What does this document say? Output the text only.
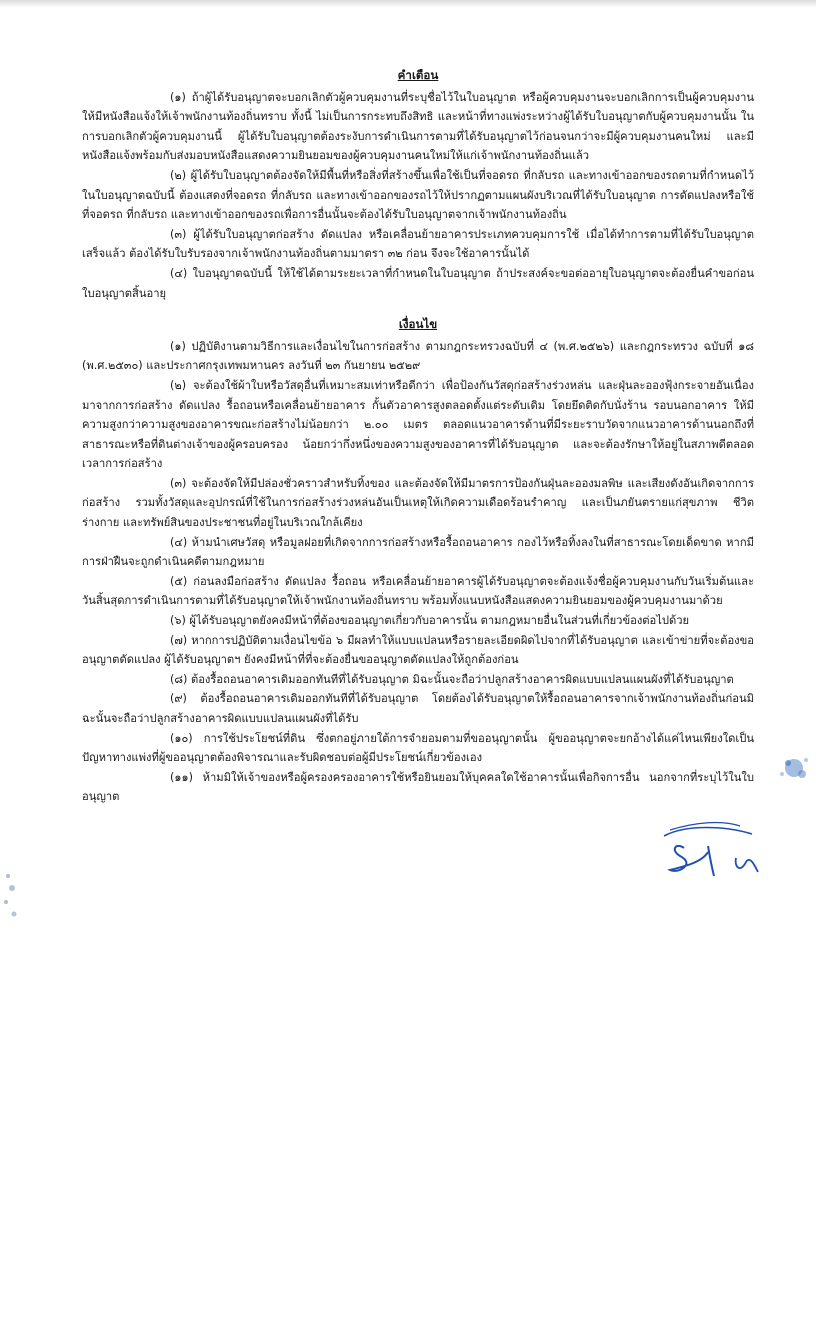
คำเตือน

(๑) ถ้าผู้ได้รับอนุญาตจะบอกเลิกตัวผู้ควบคุมงานที่ระบุชื่อไว้ในใบอนุญาต หรือผู้ควบคุมงานจะบอกเลิกการเป็นผู้ควบคุมงาน ให้มีหนังสือแจ้งให้เจ้าพนักงานท้องถิ่นทราบ ทั้งนี้ ไม่เป็นการกระทบถึงสิทธิ และหน้าที่ทางแพ่งระหว่างผู้ได้รับใบอนุญาตกับผู้ควบคุมงานนั้น ในการบอกเลิกตัวผู้ควบคุมงานนี้ ผู้ได้รับใบอนุญาตต้องระงับการดำเนินการตามที่ได้รับอนุญาตไว้ก่อนจนกว่าจะมีผู้ควบคุมงานคนใหม่ และมีหนังสือแจ้งพร้อมกับส่งมอบหนังสือแสดงความยินยอมของผู้ควบคุมงานคนใหม่ให้แก่เจ้าพนักงานท้องถิ่นแล้ว

(๒) ผู้ได้รับใบอนุญาตต้องจัดให้มีพื้นที่หรือสิ่งที่สร้างขึ้นเพื่อใช้เป็นที่จอดรถ ที่กลับรถ และทางเข้าออกของรถตามที่กำหนดไว้ในใบอนุญาตฉบับนี้ ต้องแสดงที่จอดรถ ที่กลับรถ และทางเข้าออกของรถไว้ให้ปรากฏตามแผนผังบริเวณที่ได้รับใบอนุญาต การดัดแปลงหรือใช้ที่จอดรถ ที่กลับรถ และทางเข้าออกของรถเพื่อการอื่นนั้นจะต้องได้รับใบอนุญาตจากเจ้าพนักงานท้องถิ่น

(๓) ผู้ได้รับใบอนุญาตก่อสร้าง ดัดแปลง หรือเคลื่อนย้ายอาคารประเภทควบคุมการใช้ เมื่อได้ทำการตามที่ได้รับใบอนุญาตเสร็จแล้ว ต้องได้รับใบรับรองจากเจ้าพนักงานท้องถิ่นตามมาตรา ๓๒ ก่อน จึงจะใช้อาคารนั้นได้

(๔) ใบอนุญาตฉบับนี้ ให้ใช้ได้ตามระยะเวลาที่กำหนดในใบอนุญาต ถ้าประสงค์จะขอต่ออายุใบอนุญาตจะต้องยื่นคำขอก่อนใบอนุญาตสิ้นอายุ

เงื่อนไข

(๑) ปฏิบัติงานตามวิธีการและเงื่อนไขในการก่อสร้าง ตามกฎกระทรวงฉบับที่ ๔ (พ.ศ.๒๕๒๖) และกฎกระทรวง ฉบับที่ ๑๘ (พ.ศ.๒๕๓๐) และประกาศกรุงเทพมหานคร ลงวันที่ ๒๓ กันยายน ๒๕๒๙

(๒) จะต้องใช้ผ้าใบหรือวัสดุอื่นที่เหมาะสมเท่าหรือดีกว่า เพื่อป้องกันวัสดุก่อสร้างร่วงหล่น และฝุ่นละอองฟุ้งกระจายอันเนื่องมาจากการก่อสร้าง ดัดแปลง รื้อถอนหรือเคลื่อนย้ายอาคาร กั้นตัวอาคารสูงตลอดตั้งแต่ระดับเดิม โดยยึดติดกับนั่งร้าน รอบนอกอาคาร ให้มีความสูงกว่าความสูงของอาคารขณะก่อสร้างไม่น้อยกว่า ๒.๐๐ เมตร ตลอดแนวอาคารด้านที่มีระยะราบวัดจากแนวอาคารด้านนอกถึงที่สาธารณะหรือที่ดินต่างเจ้าของผู้ครอบครอง น้อยกว่ากึ่งหนึ่งของความสูงของอาคารที่ได้รับอนุญาต และจะต้องรักษาให้อยู่ในสภาพดีตลอดเวลาการก่อสร้าง

(๓) จะต้องจัดให้มีปล่องชั่วคราวสำหรับทิ้งของ และต้องจัดให้มีมาตรการป้องกันฝุ่นละอองมลพิษ และเสียงดังอันเกิดจากการก่อสร้าง รวมทั้งวัสดุและอุปกรณ์ที่ใช้ในการก่อสร้างร่วงหล่นอันเป็นเหตุให้เกิดความเดือดร้อนรำคาญ และเป็นภยันตรายแก่สุขภาพ ชีวิต ร่างกาย และทรัพย์สินของประชาชนที่อยู่ในบริเวณใกล้เคียง

(๔) ห้ามนำเศษวัสดุ หรือมูลฝอยที่เกิดจากการก่อสร้างหรือรื้อถอนอาคาร กองไว้หรือทิ้งลงในที่สาธารณะโดยเด็ดขาด หากมีการฝ่าฝืนจะถูกดำเนินคดีตามกฎหมาย

(๕) ก่อนลงมือก่อสร้าง ดัดแปลง รื้อถอน หรือเคลื่อนย้ายอาคารผู้ได้รับอนุญาตจะต้องแจ้งชื่อผู้ควบคุมงานกับวันเริ่มต้นและวันสิ้นสุดการดำเนินการตามที่ได้รับอนุญาตให้เจ้าพนักงานท้องถิ่นทราบ พร้อมทั้งแนบหนังสือแสดงความยินยอมของผู้ควบคุมงานมาด้วย

(๖) ผู้ได้รับอนุญาตยังคงมีหน้าที่ต้องขออนุญาตเกี่ยวกับอาคารนั้น ตามกฎหมายอื่นในส่วนที่เกี่ยวข้องต่อไปด้วย

(๗) หากการปฏิบัติตามเงื่อนไขข้อ ๖ มีผลทำให้แบบแปลนหรือรายละเอียดผิดไปจากที่ได้รับอนุญาต และเข้าข่ายที่จะต้องขออนุญาตดัดแปลง ผู้ได้รับอนุญาตฯ ยังคงมีหน้าที่ที่จะต้องยื่นขออนุญาตดัดแปลงให้ถูกต้องก่อน

(๘) ต้องรื้อถอนอาคารเดิมออกทันทีที่ได้รับอนุญาต มิฉะนั้นจะถือว่าปลูกสร้างอาคารผิดแบบแปลนแผนผังที่ได้รับอนุญาต

(๙) ต้องรื้อถอนอาคารเดิมออกทันทีที่ได้รับอนุญาต โดยต้องได้รับอนุญาตให้รื้อถอนอาคารจากเจ้าพนักงานท้องถิ่นก่อนมิฉะนั้นจะถือว่าปลูกสร้างอาคารผิดแบบแปลนแผนผังที่ได้รับ

(๑๐) การใช้ประโยชน์ที่ดิน ซึ่งตกอยู่ภายใต้การจำยอมตามที่ขออนุญาตนั้น ผู้ขออนุญาตจะยกอ้างได้แค่ไหนเพียงใดเป็นปัญหาทางแพ่งที่ผู้ขออนุญาตต้องพิจารณาและรับผิดชอบต่อผู้มีประโยชน์เกี่ยวข้องเอง

(๑๑) ห้ามมิให้เจ้าของหรือผู้ครองครองอาคารใช้หรือยินยอมให้บุคคลใดใช้อาคารนั้นเพื่อกิจการอื่น นอกจากที่ระบุไว้ในใบอนุญาต
